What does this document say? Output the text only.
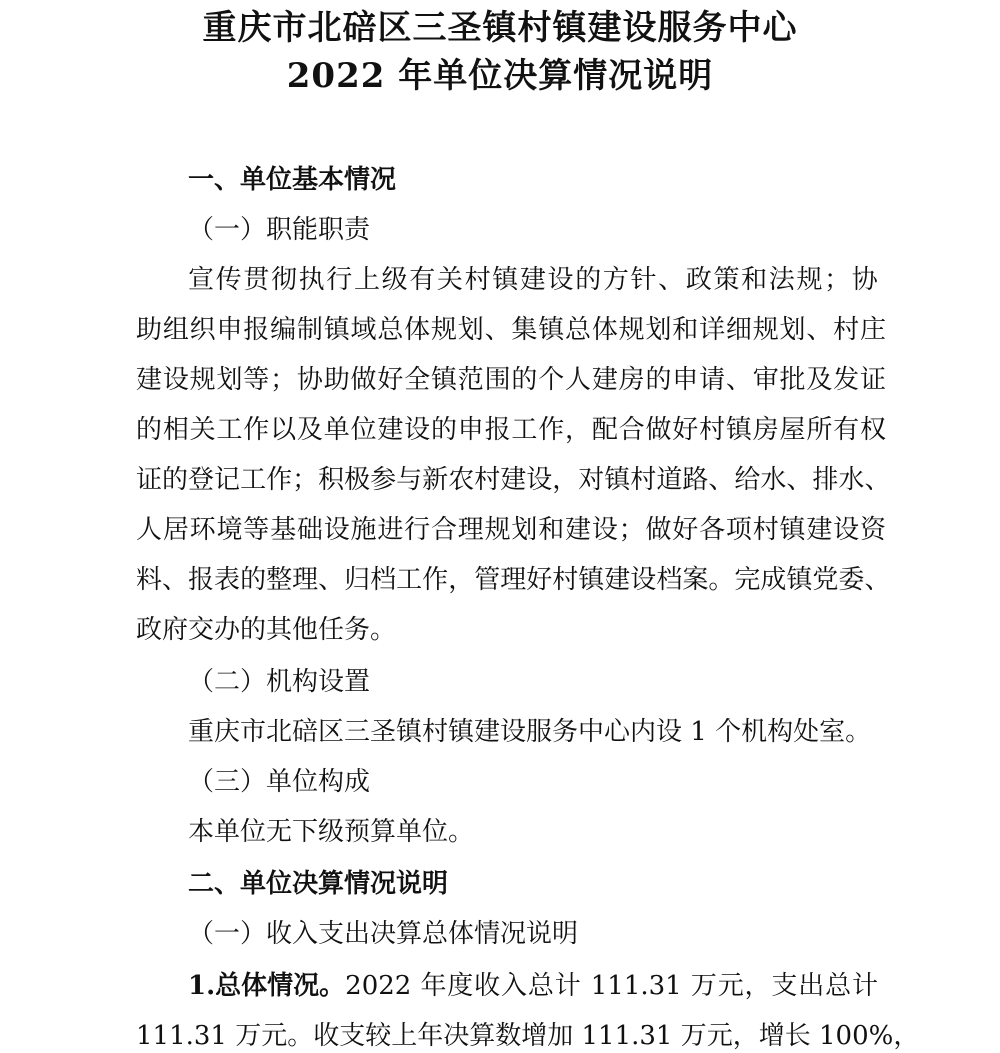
重庆市北碚区三圣镇村镇建设服务中心
2022 年单位决算情况说明
一、单位基本情况
（一）职能职责
宣 传 贯 彻 执 行 上 级 有 关 村 镇 建 设 的 方 针 、 政 策 和 法 规 ； 协
助 组 织 申 报 编 制 镇 域 总 体 规 划 、 集 镇 总 体 规 划 和 详 细 规 划 、 村 庄
建 设 规 划 等 ； 协 助 做 好 全 镇 范 围 的 个 人 建 房 的 申 请 、 审 批 及 发 证
的 相 关 工 作 以 及 单 位 建 设 的 申 报 工 作 ， 配 合 做 好 村 镇 房 屋 所 有 权
证 的 登 记 工 作 ； 积 极 参 与 新 农 村 建 设 ， 对 镇 村 道 路 、 给 水 、 排 水 、
人 居 环 境 等 基 础 设 施 进 行 合 理 规 划 和 建 设 ； 做 好 各 项 村 镇 建 设 资
料 、 报 表 的 整 理 、 归 档 工 作 ， 管 理 好 村 镇 建 设 档 案 。 完 成 镇 党 委 、
政府交办的其他任务。
（二）机构设置
重庆市北碚区三圣镇村镇建设服务中心内设 1 个机构处室。
（三）单位构成
本单位无下级预算单位。
二、单位决算情况说明
（一）收入支出决算总体情况说明
1.总体情况。 2022 年度收入总计 111.31 万元，支出总计
111.31 万元。收支较上年决算数增加 111.31 万元，增长 100%，
